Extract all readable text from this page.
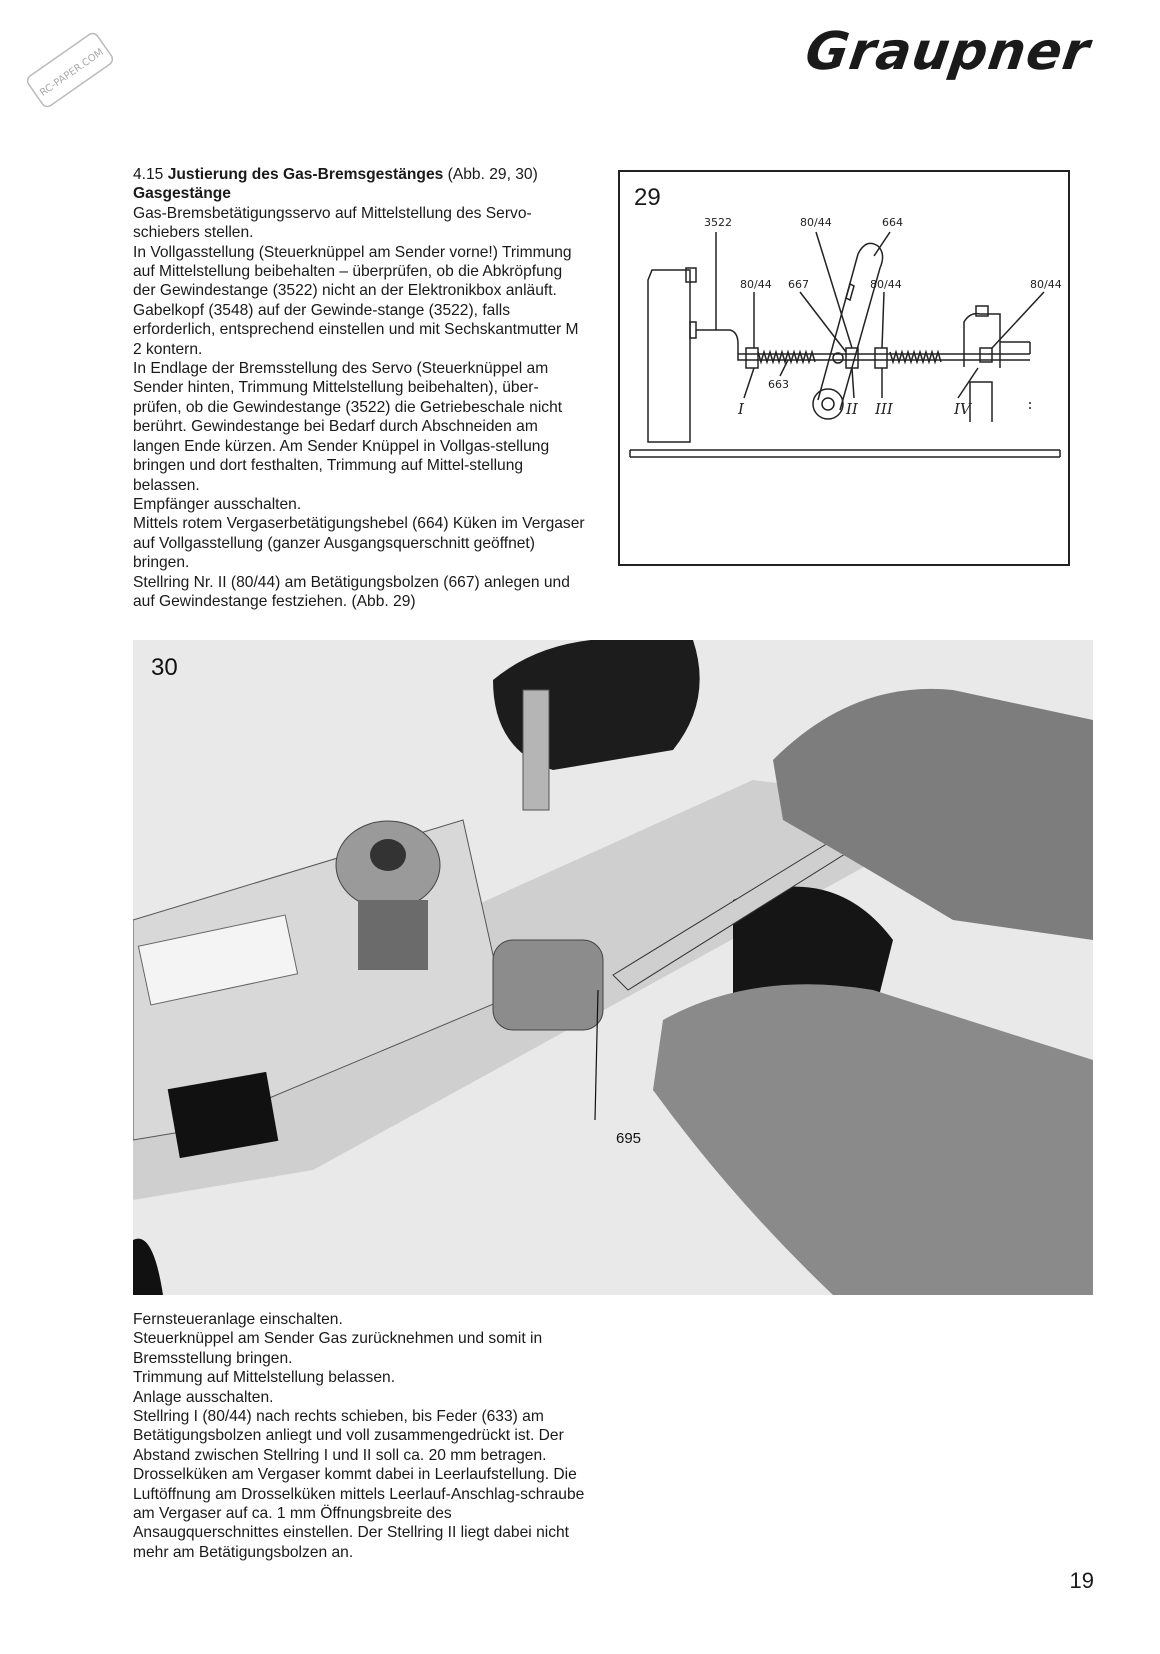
RC-PAPER.COM	Graupner

4.15 Justierung des Gas-Bremsgestänges (Abb. 29, 30)

Gasgestänge

Gas-Bremsbetätigungsservo auf Mittelstellung des Servo-schiebers stellen.

In Vollgasstellung (Steuerknüppel am Sender vorne!) Trimmung auf Mittelstellung beibehalten – überprüfen, ob die Abkröpfung der Gewindestange (3522) nicht an der Elektronikbox anläuft. Gabelkopf (3548) auf der Gewinde-stange (3522), falls erforderlich, entsprechend einstellen und mit Sechskantmutter M 2 kontern.

In Endlage der Bremsstellung des Servo (Steuerknüppel am Sender hinten, Trimmung Mittelstellung beibehalten), über-prüfen, ob die Gewindestange (3522) die Getriebeschale nicht berührt. Gewindestange bei Bedarf durch Abschneiden am langen Ende kürzen. Am Sender Knüppel in Vollgas-stellung bringen und dort festhalten, Trimmung auf Mittel-stellung belassen.

Empfänger ausschalten.

Mittels rotem Vergaserbetätigungshebel (664) Küken im Vergaser auf Vollgasstellung (ganzer Ausgangsquerschnitt geöffnet) bringen.

Stellring Nr. II (80/44) am Betätigungsbolzen (667) anlegen und auf Gewindestange festziehen. (Abb. 29)

29
3522	80/44	664
80/44 667	80/44	80/44
663
I	II III	IV
30
695

Fernsteueranlage einschalten.

Steuerknüppel am Sender Gas zurücknehmen und somit in Bremsstellung bringen.

Trimmung auf Mittelstellung belassen.

Anlage ausschalten.

Stellring I (80/44) nach rechts schieben, bis Feder (633) am Betätigungsbolzen anliegt und voll zusammengedrückt ist. Der Abstand zwischen Stellring I und II soll ca. 20 mm betragen. Drosselküken am Vergaser kommt dabei in Leerlaufstellung. Die Luftöffnung am Drosselküken mittels Leerlauf-Anschlag-schraube am Vergaser auf ca. 1 mm Öffnungsbreite des Ansaugquerschnittes einstellen. Der Stellring II liegt dabei nicht mehr am Betätigungsbolzen an.

19
